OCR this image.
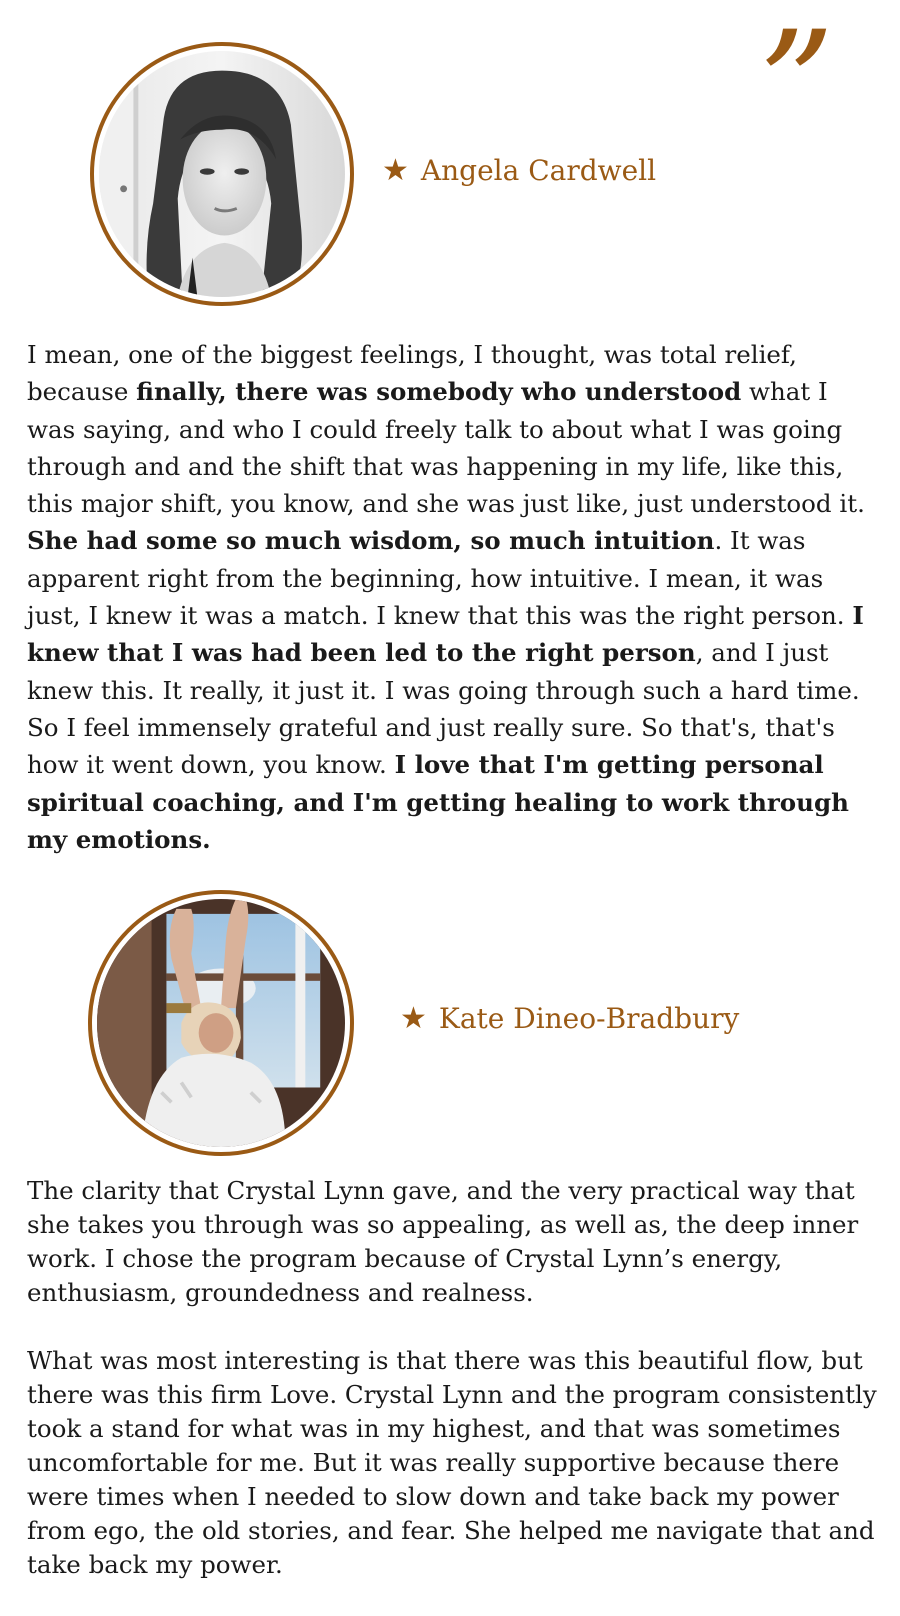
”
★ Angela Cardwell

I mean, one of the biggest feelings, I thought, was total relief, because finally, there was somebody who understood what I was saying, and who I could freely talk to about what I was going through and and the shift that was happening in my life, like this, this major shift, you know, and she was just like, just understood it. She had some so much wisdom, so much intuition. It was apparent right from the beginning, how intuitive. I mean, it was just, I knew it was a match. I knew that this was the right person. I knew that I was had been led to the right person, and I just knew this. It really, it just it. I was going through such a hard time. So I feel immensely grateful and just really sure. So that's, that's how it went down, you know. I love that I'm getting personal spiritual coaching, and I'm getting healing to work through my emotions.

★ Kate Dineo-Bradbury

The clarity that Crystal Lynn gave, and the very practical way that she takes you through was so appealing, as well as, the deep inner work. I chose the program because of Crystal Lynn’s energy, enthusiasm, groundedness and realness.

What was most interesting is that there was this beautiful flow, but there was this firm Love. Crystal Lynn and the program consistently took a stand for what was in my highest, and that was sometimes uncomfortable for me. But it was really supportive because there were times when I needed to slow down and take back my power from ego, the old stories, and fear. She helped me navigate that and take back my power.
